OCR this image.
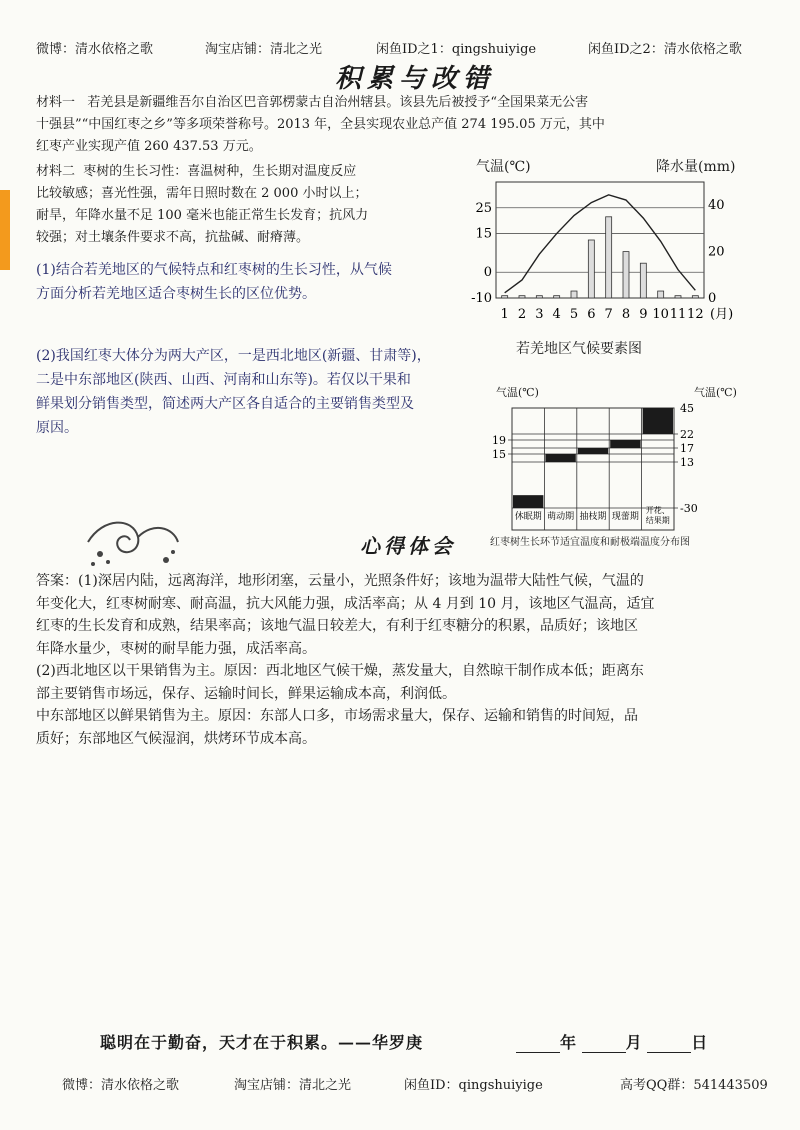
微博：清水依格之歌	淘宝店铺：清北之光	闲鱼ID之1：qingshuiyige	闲鱼ID之2：清水依格之歌
积累与改错
材料一 若羌县是新疆维吾尔自治区巴音郭楞蒙古自治州辖县。该县先后被授予“全国果菜无公害
十强县”“中国红枣之乡”等多项荣誉称号。2013 年，全县实现农业总产值 274 195.05 万元，其中
红枣产业实现产值 260 437.53 万元。
材料二 枣树的生长习性：喜温树种，生长期对温度反应
比较敏感；喜光性强，需年日照时数在 2 000 小时以上；
耐旱，年降水量不足 100 毫米也能正常生长发育；抗风力
较强；对土壤条件要求不高，抗盐碱、耐瘠薄。
(1)结合若羌地区的气候特点和红枣树的生长习性，从气候
方面分析若羌地区适合枣树生长的区位优势。
(2)我国红枣大体分为两大产区，一是西北地区(新疆、甘肃等)，
二是中东部地区(陕西、山西、河南和山东等)。若仅以干果和
鲜果划分销售类型，简述两大产区各自适合的主要销售类型及
原因。
气温(℃)	降水量(mm)
25
15
0
-10
40
20
0
1 2 3 4 5 6 7 8 9 10 11 12 (月)
若羌地区气候要素图
气温(℃)	气温(℃)
19
15
45
22
17
13
-30
休眠期 萌动期 抽枝期 现蕾期
开花、
结果期
红枣树生长环节适宜温度和耐极端温度分布图
心得体会
答案：(1)深居内陆，远离海洋，地形闭塞，云量小，光照条件好；该地为温带大陆性气候，气温的
年变化大，红枣树耐寒、耐高温，抗大风能力强，成活率高；从 4 月到 10 月，该地区气温高，适宜
红枣的生长发育和成熟，结果率高；该地气温日较差大，有利于红枣糖分的积累，品质好；该地区
年降水量少，枣树的耐旱能力强，成活率高。
(2)西北地区以干果销售为主。原因：西北地区气候干燥，蒸发量大，自然晾干制作成本低；距离东
部主要销售市场远，保存、运输时间长，鲜果运输成本高，利润低。
中东部地区以鲜果销售为主。原因：东部人口多，市场需求量大，保存、运输和销售的时间短，品
质好；东部地区气候湿润，烘烤环节成本高。
聪明在于勤奋，天才在于积累。——华罗庚	年	月	日
微博：清水依格之歌	淘宝店铺：清北之光	闲鱼ID：qingshuiyige	高考QQ群：541443509
